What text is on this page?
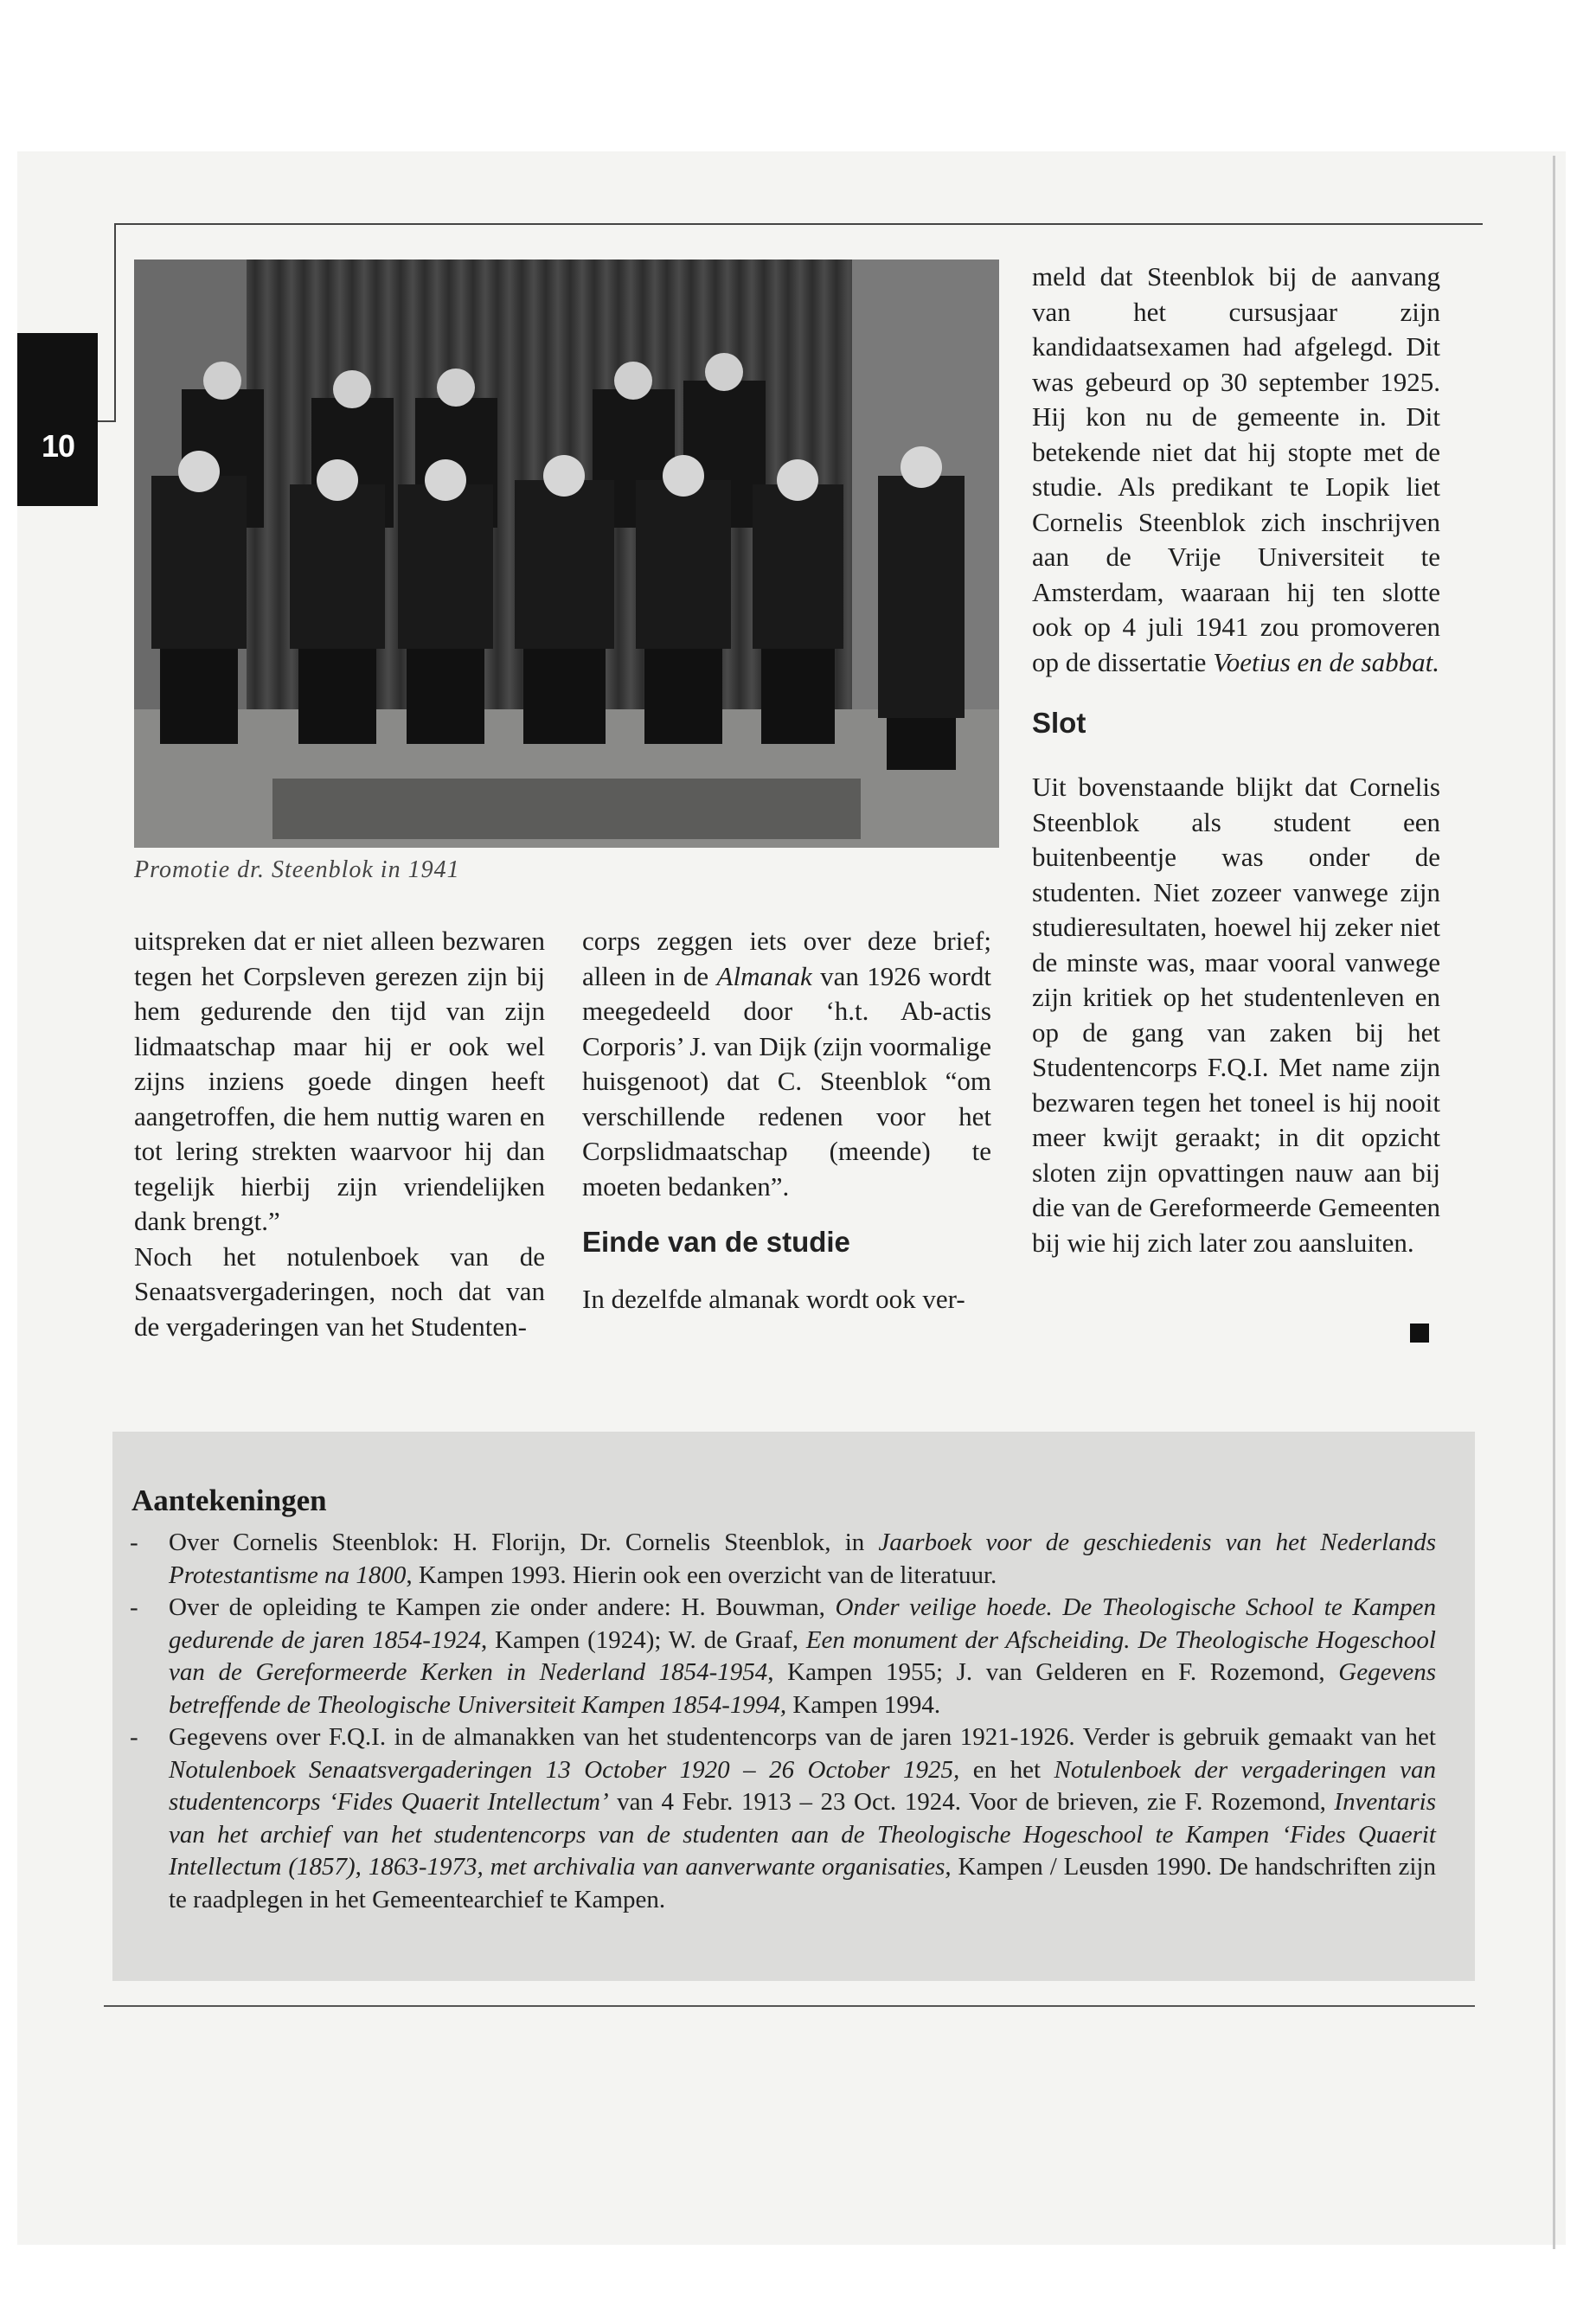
10
Promotie dr. Steenblok in 1941

uitspreken dat er niet alleen bezwaren tegen het Corpsleven gerezen zijn bij hem gedurende den tijd van zijn lidmaatschap maar hij er ook wel zijns inziens goede dingen heeft aangetroffen, die hem nuttig waren en tot lering strekten waarvoor hij dan tegelijk hierbij zijn vriendelijken dank brengt.”

Noch het notulenboek van de Senaatsvergaderingen, noch dat van de vergaderingen van het Studenten-

corps zeggen iets over deze brief; alleen in de Almanak van 1926 wordt meegedeeld door ‘h.t. Ab-actis Corporis’ J. van Dijk (zijn voormalige huisgenoot) dat C. Steenblok “om verschillende redenen voor het Corpslidmaatschap (meende) te moeten bedanken”.

Einde van de studie

In dezelfde almanak wordt ook ver-

meld dat Steenblok bij de aanvang van het cursusjaar zijn kandidaatsexamen had afgelegd. Dit was gebeurd op 30 september 1925. Hij kon nu de gemeente in. Dit betekende niet dat hij stopte met de studie. Als predikant te Lopik liet Cornelis Steenblok zich inschrijven aan de Vrije Universiteit te Amsterdam, waaraan hij ten slotte ook op 4 juli 1941 zou promoveren op de dissertatie Voetius en de sabbat.

Slot

Uit bovenstaande blijkt dat Cornelis Steenblok als student een buitenbeentje was onder de studenten. Niet zozeer vanwege zijn studieresultaten, hoewel hij zeker niet de minste was, maar vooral vanwege zijn kritiek op het studentenleven en op de gang van zaken bij het Studentencorps F.Q.I. Met name zijn bezwaren tegen het toneel is hij nooit meer kwijt geraakt; in dit opzicht sloten zijn opvattingen nauw aan bij die van de Gereformeerde Gemeenten bij wie hij zich later zou aansluiten.

Aantekeningen
- Over Cornelis Steenblok: H. Florijn, Dr. Cornelis Steenblok, in Jaarboek voor de geschiedenis van het Nederlands Protestantisme na 1800, Kampen 1993. Hierin ook een overzicht van de literatuur.
- Over de opleiding te Kampen zie onder andere: H. Bouwman, Onder veilige hoede. De Theologische School te Kampen gedurende de jaren 1854-1924, Kampen (1924); W. de Graaf, Een monument der Afscheiding. De Theologische Hogeschool van de Gereformeerde Kerken in Nederland 1854-1954, Kampen 1955; J. van Gelderen en F. Rozemond, Gegevens betreffende de Theologische Universiteit Kampen 1854-1994, Kampen 1994.
- Gegevens over F.Q.I. in de almanakken van het studentencorps van de jaren 1921-1926. Verder is gebruik gemaakt van het Notulenboek Senaatsvergaderingen 13 October 1920 – 26 October 1925, en het Notulenboek der vergaderingen van studentencorps ‘Fides Quaerit Intellectum’ van 4 Febr. 1913 – 23 Oct. 1924. Voor de brieven, zie F. Rozemond, Inventaris van het archief van het studentencorps van de studenten aan de Theologische Hogeschool te Kampen ‘Fides Quaerit Intellectum (1857), 1863-1973, met archivalia van aanverwante organisaties, Kampen / Leusden 1990. De handschriften zijn te raadplegen in het Gemeentearchief te Kampen.
